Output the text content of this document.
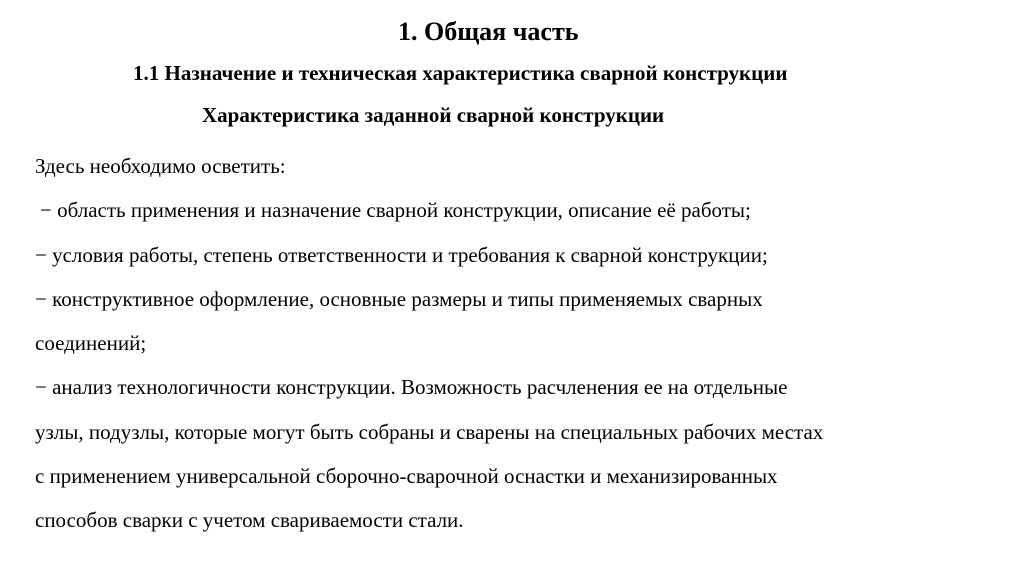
1. Общая часть
1.1 Назначение и техническая характеристика сварной конструкции
Характеристика заданной сварной конструкции
Здесь необходимо осветить:
− область применения и назначение сварной конструкции, описание её работы;
− условия работы, степень ответственности и требования к сварной конструкции;
− конструктивное оформление, основные размеры и типы применяемых сварных
соединений;
− анализ технологичности конструкции. Возможность расчленения ее на отдельные
узлы, подузлы, которые могут быть собраны и сварены на специальных рабочих местах
с применением универсальной сборочно-сварочной оснастки и механизированных
способов сварки с учетом свариваемости стали.
